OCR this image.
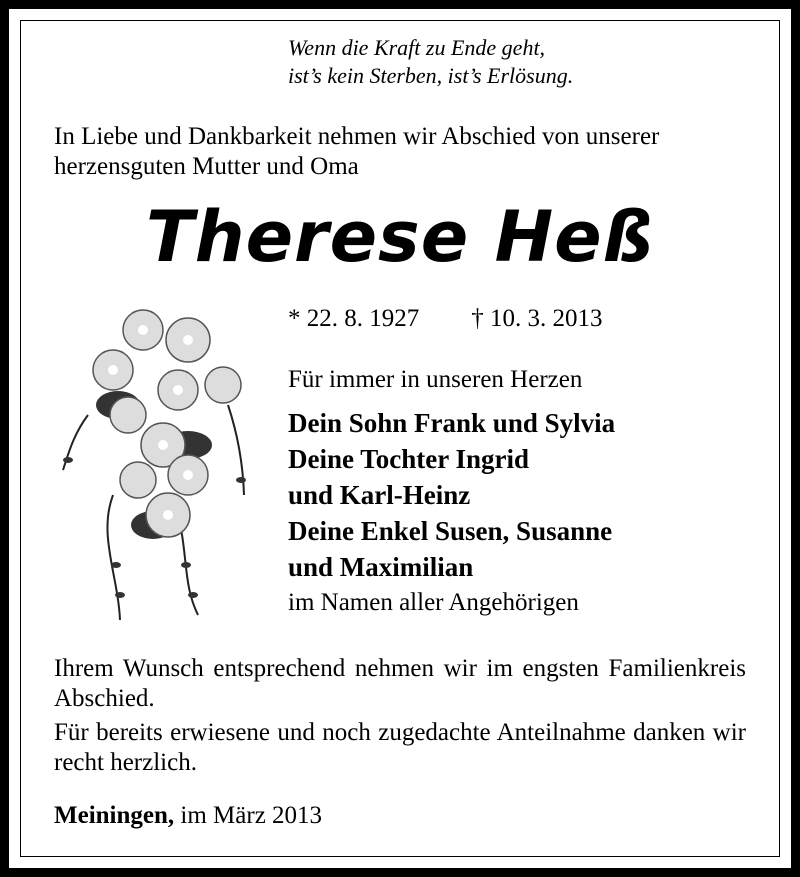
Wenn die Kraft zu Ende geht,
ist’s kein Sterben, ist’s Erlösung.
In Liebe und Dankbarkeit nehmen wir Abschied von unserer
herzensguten Mutter und Oma
Therese Heß
* 22. 8. 1927 † 10. 3. 2013
Für immer in unseren Herzen
Dein Sohn Frank und Sylvia
Deine Tochter Ingrid
und Karl-Heinz
Deine Enkel Susen, Susanne
und Maximilian
im Namen aller Angehörigen
Ihrem Wunsch entsprechend nehmen wir im engsten Familienkreis Abschied.
Für bereits erwiesene und noch zugedachte Anteilnahme danken wir recht herzlich.
Meiningen, im März 2013
